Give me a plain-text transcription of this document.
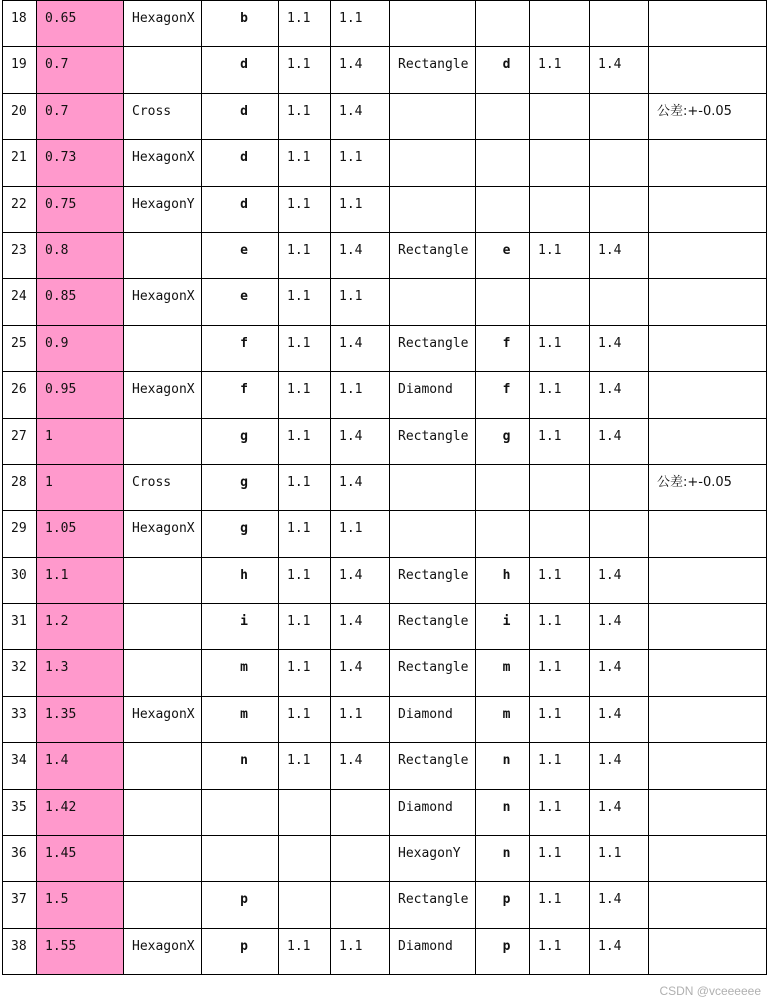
18	0.65	HexagonX	b	1.1	1.1					
19	0.7		d	1.1	1.4	Rectangle	d	1.1	1.4	
20	0.7	Cross	d	1.1	1.4					公差:+-0.05
21	0.73	HexagonX	d	1.1	1.1					
22	0.75	HexagonY	d	1.1	1.1					
23	0.8		e	1.1	1.4	Rectangle	e	1.1	1.4	
24	0.85	HexagonX	e	1.1	1.1					
25	0.9		f	1.1	1.4	Rectangle	f	1.1	1.4	
26	0.95	HexagonX	f	1.1	1.1	Diamond	f	1.1	1.4	
27	1		g	1.1	1.4	Rectangle	g	1.1	1.4	
28	1	Cross	g	1.1	1.4					公差:+-0.05
29	1.05	HexagonX	g	1.1	1.1					
30	1.1		h	1.1	1.4	Rectangle	h	1.1	1.4	
31	1.2		i	1.1	1.4	Rectangle	i	1.1	1.4	
32	1.3		m	1.1	1.4	Rectangle	m	1.1	1.4	
33	1.35	HexagonX	m	1.1	1.1	Diamond	m	1.1	1.4	
34	1.4		n	1.1	1.4	Rectangle	n	1.1	1.4	
35	1.42					Diamond	n	1.1	1.4	
36	1.45					HexagonY	n	1.1	1.1	
37	1.5		p			Rectangle	p	1.1	1.4	
38	1.55	HexagonX	p	1.1	1.1	Diamond	p	1.1	1.4	
CSDN @vceeeeee
